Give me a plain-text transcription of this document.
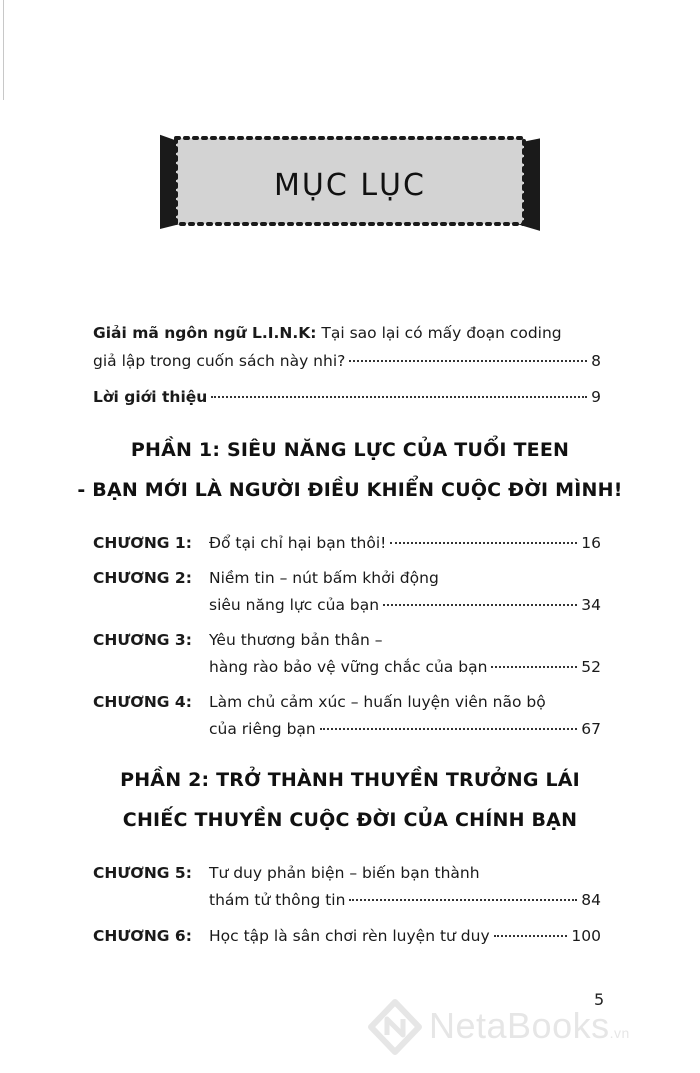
MỤC LỤC
Giải mã ngôn ngữ L.I.N.K: Tại sao lại có mấy đoạn coding
giả lập trong cuốn sách này nhi?	8
Lời giới thiệu	9
PHẦN 1: SIÊU NĂNG LỰC CỦA TUỔI TEEN
- BẠN MỚI LÀ NGƯỜI ĐIỀU KHIỂN CUỘC ĐỜI MÌNH!
CHƯƠNG 1: Đổ tại chỉ hại bạn thôi!	16
CHƯƠNG 2: Niềm tin – nút bấm khởi động
siêu năng lực của bạn	34
CHƯƠNG 3: Yêu thương bản thân –
hàng rào bảo vệ vững chắc của bạn	52
CHƯƠNG 4: Làm chủ cảm xúc – huấn luyện viên não bộ
của riêng bạn	67
PHẦN 2: TRỞ THÀNH THUYỀN TRƯỞNG LÁI
CHIẾC THUYỀN CUỘC ĐỜI CỦA CHÍNH BẠN
CHƯƠNG 5: Tư duy phản biện – biến bạn thành
thám tử thông tin	84
CHƯƠNG 6: Học tập là sân chơi rèn luyện tư duy	100
5
NetaBooks.vn
